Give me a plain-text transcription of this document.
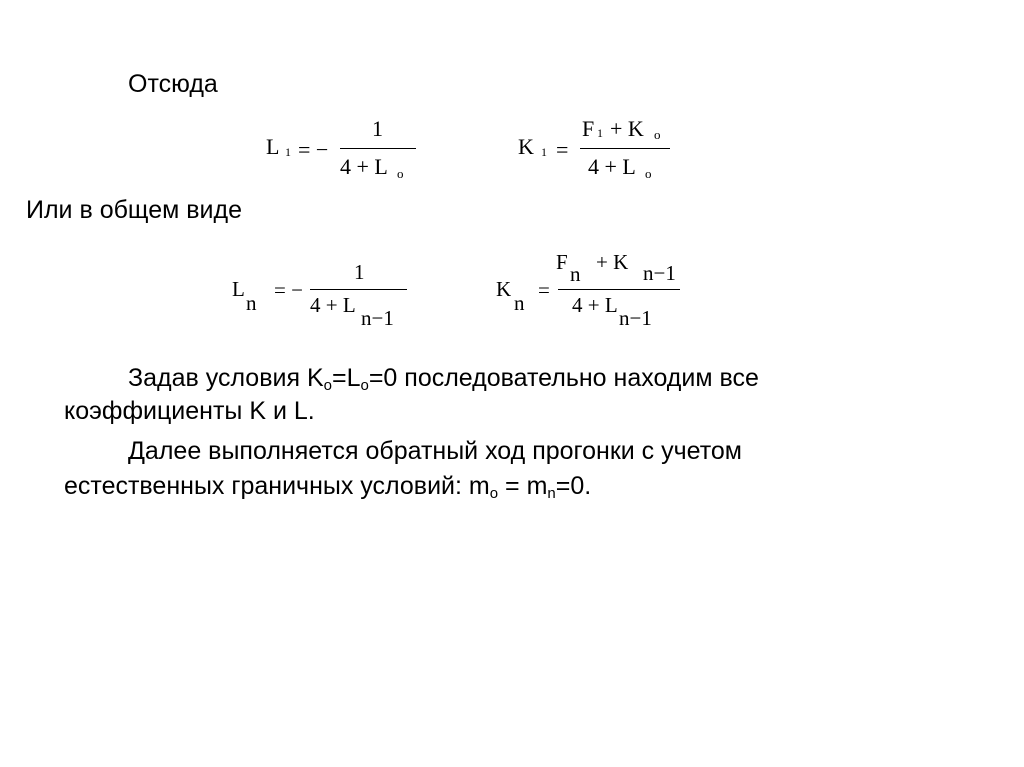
Отсюда
Или в общем виде
L 1 = −
1
4 + L o
K 1 =
F 1 + K o
4 + L o
L
n
= −
1
4 + L
n−1
K
n
=
F n + K n−1
4 + L
n−1
Задав условия $K_o=L_o=0$ последовательно находим все
коэффициенты K и L.
Далее выполняется обратный ход прогонки с учетом
естественных граничных условий: $m_o = m_n=0$.
